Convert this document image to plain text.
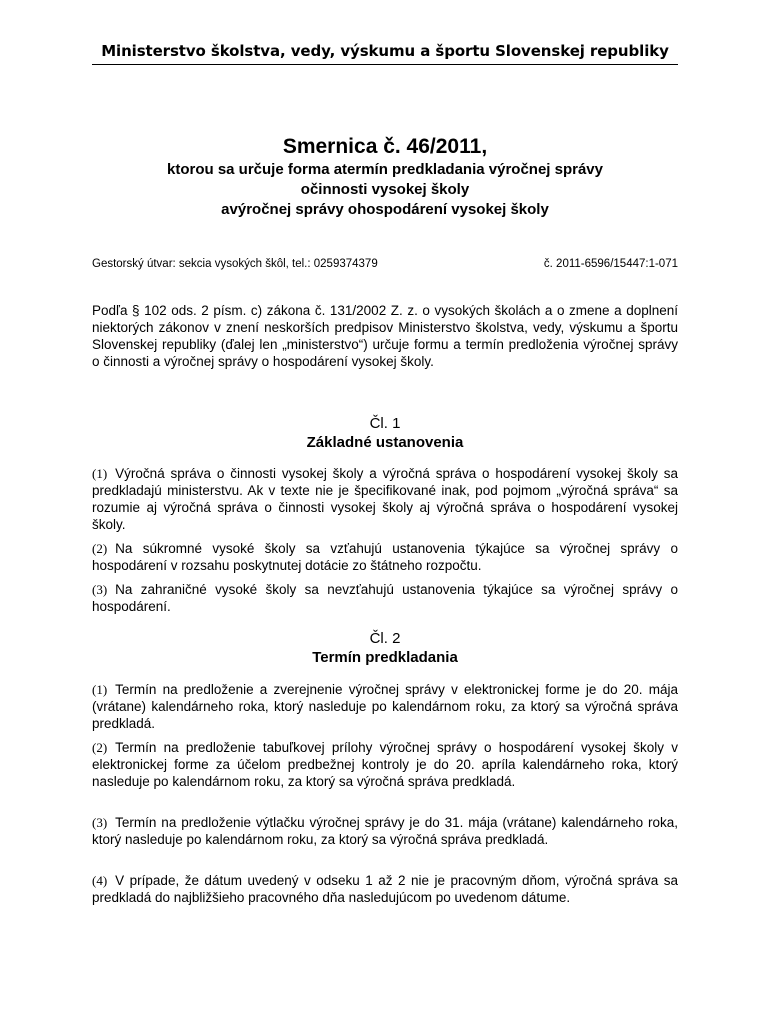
Ministerstvo školstva, vedy, výskumu a športu Slovenskej republiky
Smernica č. 46/2011,
ktorou sa určuje forma atermín predkladania výročnej správy
očinnosti vysokej školy
avýročnej správy ohospodárení vysokej školy
Gestorský útvar: sekcia vysokých škôl, tel.: 0259374379	č. 2011-6596/15447:1-071
Podľa § 102 ods. 2 písm. c) zákona č. 131/2002 Z. z. o vysokých školách a o zmene a doplnení niektorých zákonov v znení neskorších predpisov Ministerstvo školstva, vedy, výskumu a športu Slovenskej republiky (ďalej len „ministerstvo“) určuje formu a termín predloženia výročnej správy o činnosti a výročnej správy o hospodárení vysokej školy.
Čl. 1
Základné ustanovenia
(1) Výročná správa o činnosti vysokej školy a výročná správa o hospodárení vysokej školy sa predkladajú ministerstvu. Ak v texte nie je špecifikované inak, pod pojmom „výročná správa“ sa rozumie aj výročná správa o činnosti vysokej školy aj výročná správa o hospodárení vysokej školy.
(2) Na súkromné vysoké školy sa vzťahujú ustanovenia týkajúce sa výročnej správy o hospodárení v rozsahu poskytnutej dotácie zo štátneho rozpočtu.
(3) Na zahraničné vysoké školy sa nevzťahujú ustanovenia týkajúce sa výročnej správy o hospodárení.
Čl. 2
Termín predkladania
(1) Termín na predloženie a zverejnenie výročnej správy v elektronickej forme je do 20. mája (vrátane) kalendárneho roka, ktorý nasleduje po kalendárnom roku, za ktorý sa výročná správa predkladá.
(2) Termín na predloženie tabuľkovej prílohy výročnej správy o hospodárení vysokej školy v elektronickej forme za účelom predbežnej kontroly je do 20. apríla kalendárneho roka, ktorý nasleduje po kalendárnom roku, za ktorý sa výročná správa predkladá.
(3) Termín na predloženie výtlačku výročnej správy je do 31. mája (vrátane) kalendárneho roka, ktorý nasleduje po kalendárnom roku, za ktorý sa výročná správa predkladá.
(4) V prípade, že dátum uvedený v odseku 1 až 2 nie je pracovným dňom, výročná správa sa predkladá do najbližšieho pracovného dňa nasledujúcom po uvedenom dátume.
